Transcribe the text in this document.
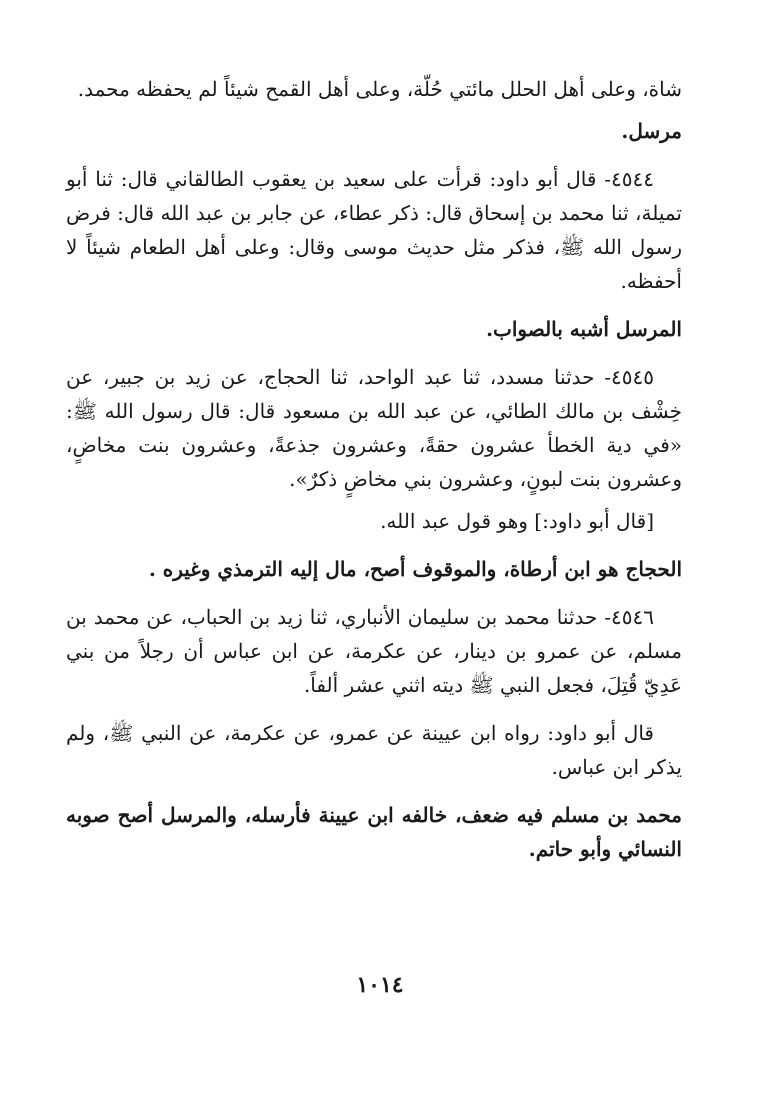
شاة، وعلى أهل الحلل مائتي حُلّة، وعلى أهل القمح شيئاً لم يحفظه محمد.

مرسل.

٤٥٤٤- قال أبو داود: قرأت على سعيد بن يعقوب الطالقاني قال: ثنا أبو تميلة، ثنا محمد بن إسحاق قال: ذكر عطاء، عن جابر بن عبد الله قال: فرض رسول الله ﷺ، فذكر مثل حديث موسى وقال: وعلى أهل الطعام شيئاً لا أحفظه.

المرسل أشبه بالصواب.

٤٥٤٥- حدثنا مسدد، ثنا عبد الواحد، ثنا الحجاج، عن زيد بن جبير، عن خِشْف بن مالك الطائي، عن عبد الله بن مسعود قال: قال رسول الله ﷺ: «في دية الخطأ عشرون حقةً، وعشرون جذعةً، وعشرون بنت مخاضٍ، وعشرون بنت لبونٍ، وعشرون بني مخاضٍ ذكرٌ».

[قال أبو داود:] وهو قول عبد الله.

الحجاج هو ابن أرطاة، والموقوف أصح، مال إليه الترمذي وغيره .

٤٥٤٦- حدثنا محمد بن سليمان الأنباري، ثنا زيد بن الحباب، عن محمد بن مسلم، عن عمرو بن دينار، عن عكرمة، عن ابن عباس أن رجلاً من بني عَدِيّ قُتِلَ، فجعل النبي ﷺ ديته اثني عشر ألفاً.

قال أبو داود: رواه ابن عيينة عن عمرو، عن عكرمة، عن النبي ﷺ، ولم يذكر ابن عباس.

محمد بن مسلم فيه ضعف، خالفه ابن عيينة فأرسله، والمرسل أصح صوبه النسائي وأبو حاتم.

١٠١٤
